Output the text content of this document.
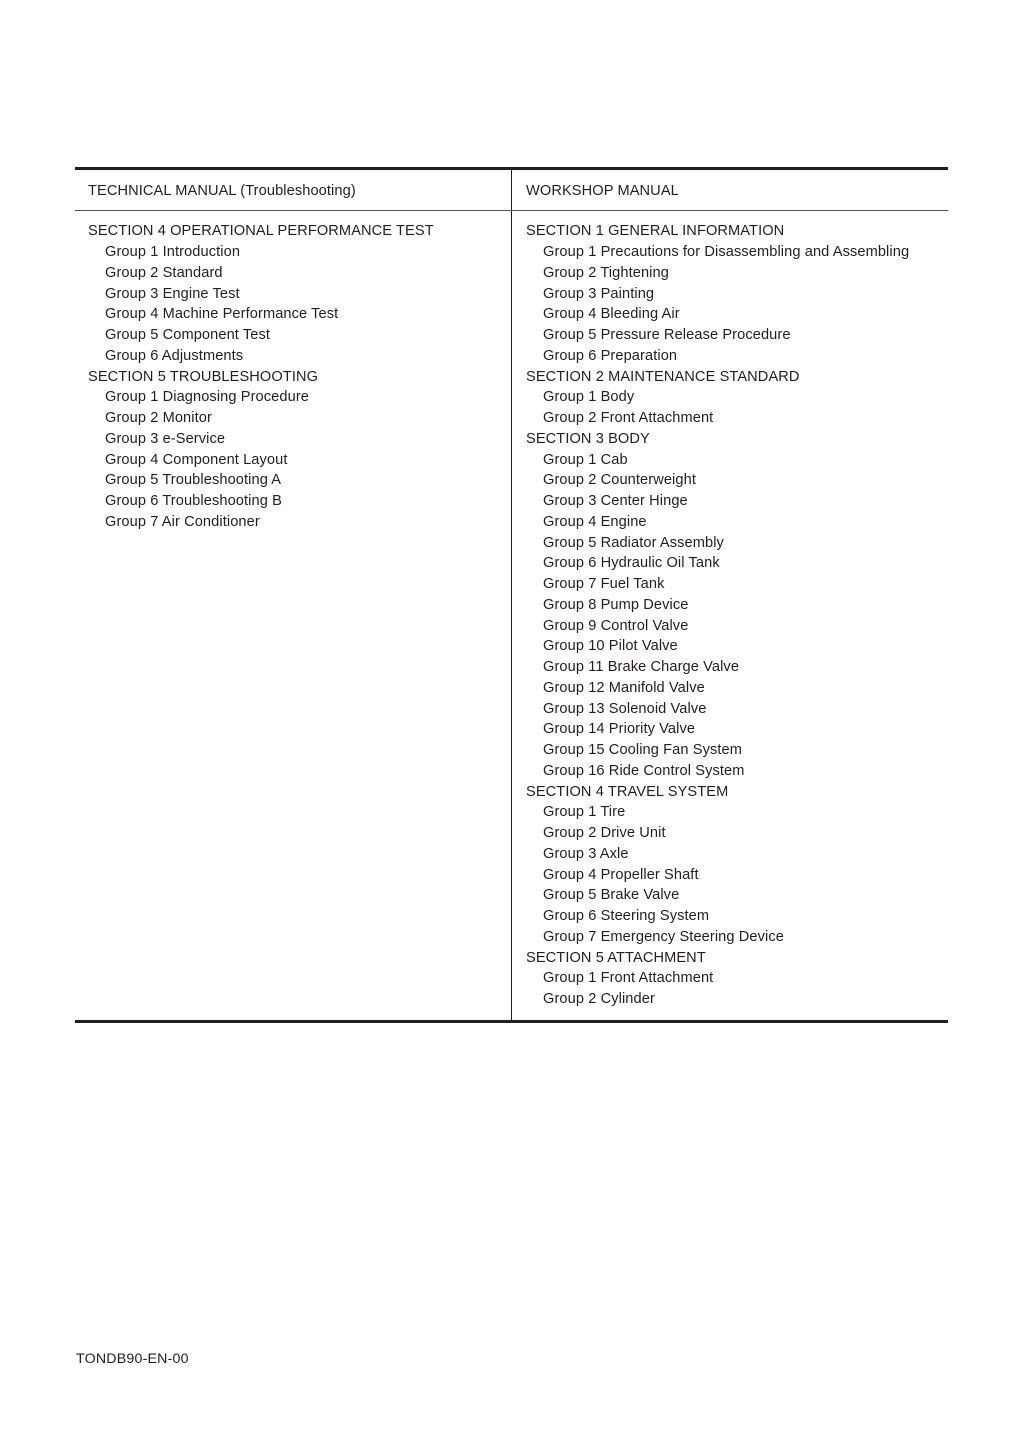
TECHNICAL MANUAL (Troubleshooting)	WORKSHOP MANUAL
SECTION 4 OPERATIONAL PERFORMANCE TEST
Group 1 Introduction
Group 2 Standard
Group 3 Engine Test
Group 4 Machine Performance Test
Group 5 Component Test
Group 6 Adjustments
SECTION 5 TROUBLESHOOTING
Group 1 Diagnosing Procedure
Group 2 Monitor
Group 3 e-Service
Group 4 Component Layout
Group 5 Troubleshooting A
Group 6 Troubleshooting B
Group 7 Air Conditioner
SECTION 1 GENERAL INFORMATION
Group 1 Precautions for Disassembling and Assembling
Group 2 Tightening
Group 3 Painting
Group 4 Bleeding Air
Group 5 Pressure Release Procedure
Group 6 Preparation
SECTION 2 MAINTENANCE STANDARD
Group 1 Body
Group 2 Front Attachment
SECTION 3 BODY
Group 1 Cab
Group 2 Counterweight
Group 3 Center Hinge
Group 4 Engine
Group 5 Radiator Assembly
Group 6 Hydraulic Oil Tank
Group 7 Fuel Tank
Group 8 Pump Device
Group 9 Control Valve
Group 10 Pilot Valve
Group 11 Brake Charge Valve
Group 12 Manifold Valve
Group 13 Solenoid Valve
Group 14 Priority Valve
Group 15 Cooling Fan System
Group 16 Ride Control System
SECTION 4 TRAVEL SYSTEM
Group 1 Tire
Group 2 Drive Unit
Group 3 Axle
Group 4 Propeller Shaft
Group 5 Brake Valve
Group 6 Steering System
Group 7 Emergency Steering Device
SECTION 5 ATTACHMENT
Group 1 Front Attachment
Group 2 Cylinder
TONDB90-EN-00
